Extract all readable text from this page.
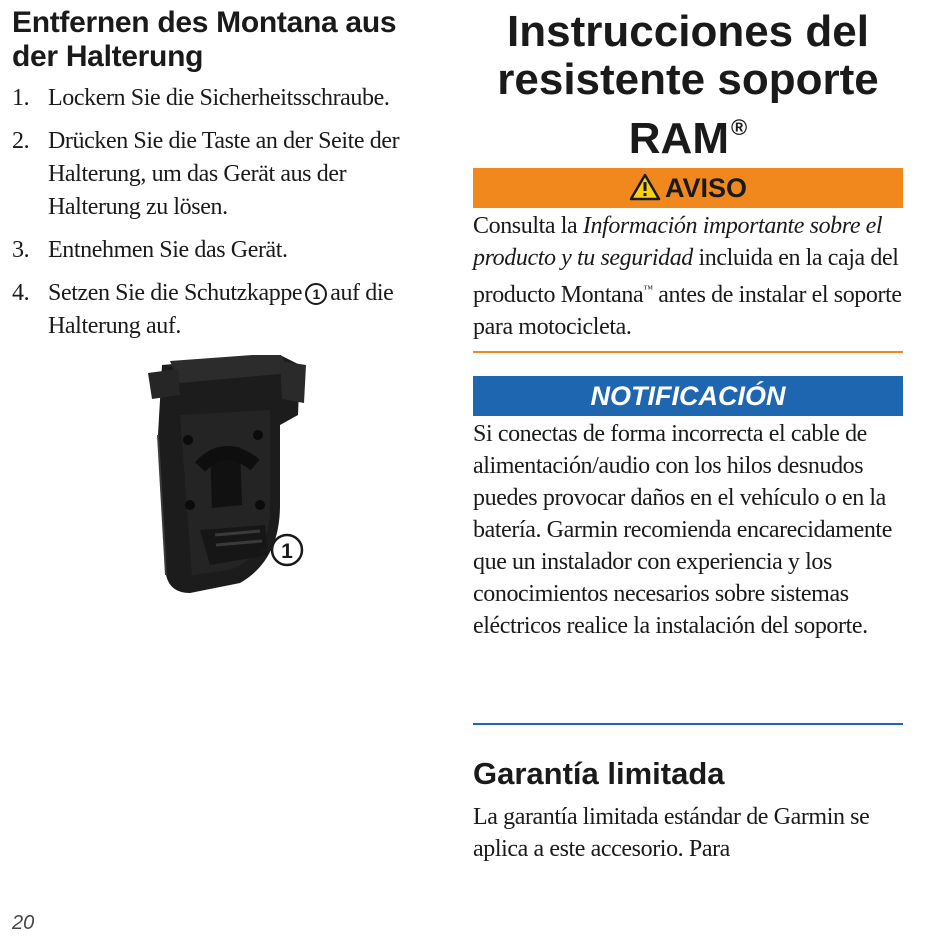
Entfernen des Montana aus der Halterung
1. Lockern Sie die Sicherheitsschraube.
2. Drücken Sie die Taste an der Seite der Halterung, um das Gerät aus der Halterung zu lösen.
3. Entnehmen Sie das Gerät.
4. Setzen Sie die Schutzkappe 1 auf die Halterung auf.
1
Instrucciones del
resistente soporte
RAM®
AVISO
Consulta la Información importante sobre el producto y tu seguridad incluida en la caja del producto Montana™ antes de instalar el soporte para motocicleta.
NOTIFICACIÓN
Si conectas de forma incorrecta el cable de alimentación/audio con los hilos desnudos puedes provocar daños en el vehículo o en la batería. Garmin recomienda encarecidamente que un instalador con experiencia y los conocimientos necesarios sobre sistemas eléctricos realice la instalación del soporte.
Garantía limitada
La garantía limitada estándar de Garmin se aplica a este accesorio. Para
20
